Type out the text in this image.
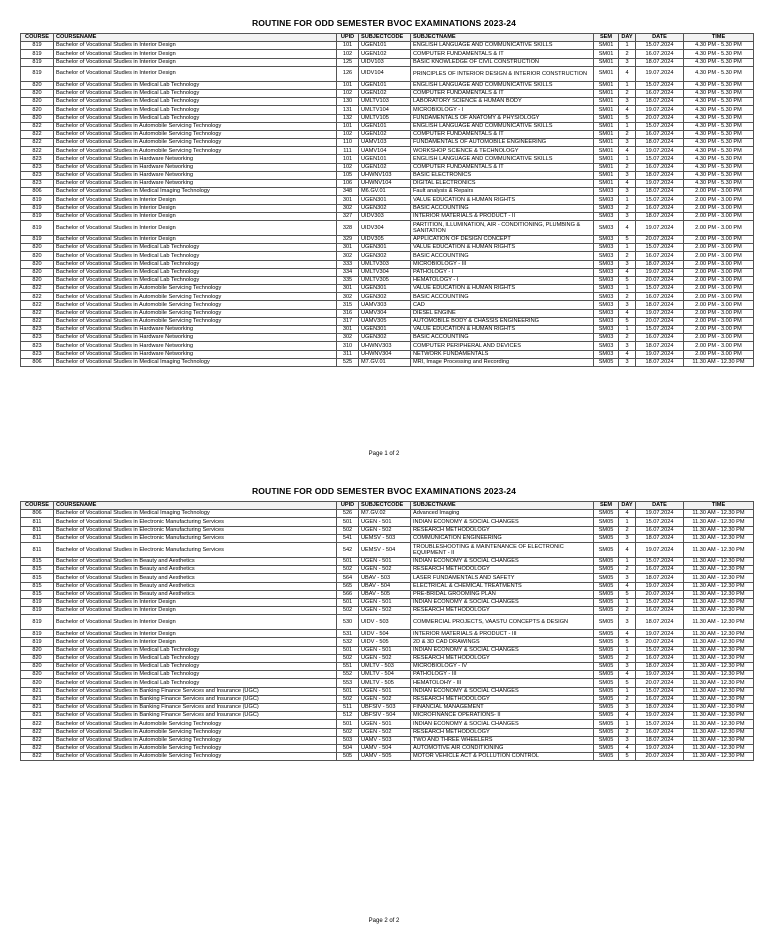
ROUTINE FOR ODD SEMESTER BVOC EXAMINATIONS 2023-24
COURSE	COURSENAME	UPID	SUBJECTCODE	SUBJECTNAME	SEM	DAY	DATE	TIME
819	Bachelor of Vocational Studies in Interior Design	101	UGEN101	ENGLISH LANGUAGE AND COMMUNICATIVE SKILLS	SM01	1	15.07.2024	4.30 PM - 5.30 PM
819	Bachelor of Vocational Studies in Interior Design	102	UGEN102	COMPUTER FUNDAMENTALS & IT	SM01	2	16.07.2024	4.30 PM - 5.30 PM
819	Bachelor of Vocational Studies in Interior Design	125	UIDV103	BASIC KNOWLEDGE OF CIVIL CONSTRUCTION	SM01	3	18.07.2024	4.30 PM - 5.30 PM
819	Bachelor of Vocational Studies in Interior Design	126	UIDV104	PRINCIPLES OF INTERIOR DESIGN & INTERIOR CONSTRUCTION	SM01	4	19.07.2024	4.30 PM - 5.30 PM
820	Bachelor of Vocational Studies in Medical Lab Technology	101	UGEN101	ENGLISH LANGUAGE AND COMMUNICATIVE SKILLS	SM01	1	15.07.2024	4.30 PM - 5.30 PM
820	Bachelor of Vocational Studies in Medical Lab Technology	102	UGEN102	COMPUTER FUNDAMENTALS & IT	SM01	2	16.07.2024	4.30 PM - 5.30 PM
820	Bachelor of Vocational Studies in Medical Lab Technology	130	UMLTV103	LABORATORY SCIENCE & HUMAN BODY	SM01	3	18.07.2024	4.30 PM - 5.30 PM
820	Bachelor of Vocational Studies in Medical Lab Technology	131	UMLTV104	MICROBIOLOGY - I	SM01	4	19.07.2024	4.30 PM - 5.30 PM
820	Bachelor of Vocational Studies in Medical Lab Technology	132	UMLTV105	FUNDAMENTALS OF ANATOMY & PHYSIOLOGY	SM01	5	20.07.2024	4.30 PM - 5.30 PM
822	Bachelor of Vocational Studies in Automobile Servicing Technology	101	UGEN101	ENGLISH LANGUAGE AND COMMUNICATIVE SKILLS	SM01	1	15.07.2024	4.30 PM - 5.30 PM
822	Bachelor of Vocational Studies in Automobile Servicing Technology	102	UGEN102	COMPUTER FUNDAMENTALS & IT	SM01	2	16.07.2024	4.30 PM - 5.30 PM
822	Bachelor of Vocational Studies in Automobile Servicing Technology	110	UAMV103	FUNDAMENTALS OF AUTOMOBILE ENGINEERING	SM01	3	18.07.2024	4.30 PM - 5.30 PM
822	Bachelor of Vocational Studies in Automobile Servicing Technology	111	UAMV104	WORKSHOP SCIENCE & TECHNOLOGY	SM01	4	19.07.2024	4.30 PM - 5.30 PM
823	Bachelor of Vocational Studies in Hardware Networking	101	UGEN101	ENGLISH LANGUAGE AND COMMUNICATIVE SKILLS	SM01	1	15.07.2024	4.30 PM - 5.30 PM
823	Bachelor of Vocational Studies in Hardware Networking	102	UGEN102	COMPUTER FUNDAMENTALS & IT	SM01	2	16.07.2024	4.30 PM - 5.30 PM
823	Bachelor of Vocational Studies in Hardware Networking	105	UHWNV103	BASIC ELECTRONICS	SM01	3	18.07.2024	4.30 PM - 5.30 PM
823	Bachelor of Vocational Studies in Hardware Networking	106	UHWNV104	DIGITAL ELECTRONICS	SM01	4	19.07.2024	4.30 PM - 5.30 PM
806	Bachelor of Vocational Studies in Medical Imaging Technology	348	M6.GV.01	Fault analysis & Repairs	SM03	3	18.07.2024	2.00 PM - 3.00 PM
819	Bachelor of Vocational Studies in Interior Design	301	UGEN301	VALUE EDUCATION & HUMAN RIGHTS	SM03	1	15.07.2024	2.00 PM - 3.00 PM
819	Bachelor of Vocational Studies in Interior Design	302	UGEN302	BASIC ACCOUNTING	SM03	2	16.07.2024	2.00 PM - 3.00 PM
819	Bachelor of Vocational Studies in Interior Design	327	UIDV303	INTERIOR MATERIALS & PRODUCT - II	SM03	3	18.07.2024	2.00 PM - 3.00 PM
819	Bachelor of Vocational Studies in Interior Design	328	UIDV304	PARTITION, ILLUMINATION, AIR - CONDITIONING, PLUMBING & SANITATION	SM03	4	19.07.2024	2.00 PM - 3.00 PM
819	Bachelor of Vocational Studies in Interior Design	329	UIDV305	APPLICATION OF DESIGN CONCEPT	SM03	5	20.07.2024	2.00 PM - 3.00 PM
820	Bachelor of Vocational Studies in Medical Lab Technology	301	UGEN301	VALUE EDUCATION & HUMAN RIGHTS	SM03	1	15.07.2024	2.00 PM - 3.00 PM
820	Bachelor of Vocational Studies in Medical Lab Technology	302	UGEN302	BASIC ACCOUNTING	SM03	2	16.07.2024	2.00 PM - 3.00 PM
820	Bachelor of Vocational Studies in Medical Lab Technology	333	UMLTV303	MICROBIOLOGY - III	SM03	3	18.07.2024	2.00 PM - 3.00 PM
820	Bachelor of Vocational Studies in Medical Lab Technology	334	UMLTV304	PATHOLOGY - I	SM03	4	19.07.2024	2.00 PM - 3.00 PM
820	Bachelor of Vocational Studies in Medical Lab Technology	335	UMLTV305	HEMATOLOGY - I	SM03	5	20.07.2024	2.00 PM - 3.00 PM
822	Bachelor of Vocational Studies in Automobile Servicing Technology	301	UGEN301	VALUE EDUCATION & HUMAN RIGHTS	SM03	1	15.07.2024	2.00 PM - 3.00 PM
822	Bachelor of Vocational Studies in Automobile Servicing Technology	302	UGEN302	BASIC ACCOUNTING	SM03	2	16.07.2024	2.00 PM - 3.00 PM
822	Bachelor of Vocational Studies in Automobile Servicing Technology	315	UAMV303	CAD	SM03	3	18.07.2024	2.00 PM - 3.00 PM
822	Bachelor of Vocational Studies in Automobile Servicing Technology	316	UAMV304	DIESEL ENGINE	SM03	4	19.07.2024	2.00 PM - 3.00 PM
822	Bachelor of Vocational Studies in Automobile Servicing Technology	317	UAMV305	AUTOMOBILE BODY & CHASSIS ENGINEERING	SM03	5	20.07.2024	2.00 PM - 3.00 PM
823	Bachelor of Vocational Studies in Hardware Networking	301	UGEN301	VALUE EDUCATION & HUMAN RIGHTS	SM03	1	15.07.2024	2.00 PM - 3.00 PM
823	Bachelor of Vocational Studies in Hardware Networking	302	UGEN302	BASIC ACCOUNTING	SM03	2	16.07.2024	2.00 PM - 3.00 PM
823	Bachelor of Vocational Studies in Hardware Networking	310	UHWNV303	COMPUTER PERIPHERAL AND DEVICES	SM03	3	18.07.2024	2.00 PM - 3.00 PM
823	Bachelor of Vocational Studies in Hardware Networking	311	UHWNV304	NETWORK FUNDAMENTALS	SM03	4	19.07.2024	2.00 PM - 3.00 PM
806	Bachelor of Vocational Studies in Medical Imaging Technology	525	M7.GV.01	MRI, Image Processing and Recording	SM05	3	18.07.2024	11.30 AM - 12.30 PM
Page 1 of 2
ROUTINE FOR ODD SEMESTER BVOC EXAMINATIONS 2023-24
COURSE	COURSENAME	UPID	SUBJECTCODE	SUBJECTNAME	SEM	DAY	DATE	TIME
806	Bachelor of Vocational Studies in Medical Imaging Technology	526	M7.GV.02	Advanced Imaging	SM05	4	19.07.2024	11.30 AM - 12.30 PM
811	Bachelor of Vocational Studies in Electronic Manufacturing Services	501	UGEN - 501	INDIAN ECONOMY & SOCIAL CHANGES	SM05	1	15.07.2024	11.30 AM - 12.30 PM
811	Bachelor of Vocational Studies in Electronic Manufacturing Services	502	UGEN - 502	RESEARCH METHODOLOGY	SM05	2	16.07.2024	11.30 AM - 12.30 PM
811	Bachelor of Vocational Studies in Electronic Manufacturing Services	541	UEMSV - 503	COMMUNICATION ENGINEERING	SM05	3	18.07.2024	11.30 AM - 12.30 PM
811	Bachelor of Vocational Studies in Electronic Manufacturing Services	542	UEMSV - 504	TROUBLESHOOTING & MAINTENANCE OF ELECTRONIC EQUIPMENT - II	SM05	4	19.07.2024	11.30 AM - 12.30 PM
815	Bachelor of Vocational Studies in Beauty and Aesthetics	501	UGEN - 501	INDIAN ECONOMY & SOCIAL CHANGES	SM05	1	15.07.2024	11.30 AM - 12.30 PM
815	Bachelor of Vocational Studies in Beauty and Aesthetics	502	UGEN - 502	RESEARCH METHODOLOGY	SM05	2	16.07.2024	11.30 AM - 12.30 PM
815	Bachelor of Vocational Studies in Beauty and Aesthetics	564	UBAV - 503	LASER FUNDAMENTALS AND SAFETY	SM05	3	18.07.2024	11.30 AM - 12.30 PM
815	Bachelor of Vocational Studies in Beauty and Aesthetics	565	UBAV - 504	ELECTRICAL & CHEMICAL TREATMENTS	SM05	4	19.07.2024	11.30 AM - 12.30 PM
815	Bachelor of Vocational Studies in Beauty and Aesthetics	566	UBAV - 505	PRE-BRIDAL GROOMING PLAN	SM05	5	20.07.2024	11.30 AM - 12.30 PM
819	Bachelor of Vocational Studies in Interior Design	501	UGEN - 501	INDIAN ECONOMY & SOCIAL CHANGES	SM05	1	15.07.2024	11.30 AM - 12.30 PM
819	Bachelor of Vocational Studies in Interior Design	502	UGEN - 502	RESEARCH METHODOLOGY	SM05	2	16.07.2024	11.30 AM - 12.30 PM
819	Bachelor of Vocational Studies in Interior Design	530	UIDV - 503	COMMERCIAL PROJECTS, VAASTU CONCEPTS & DESIGN	SM05	3	18.07.2024	11.30 AM - 12.30 PM
819	Bachelor of Vocational Studies in Interior Design	531	UIDV - 504	INTERIOR MATERIALS & PRODUCT - III	SM05	4	19.07.2024	11.30 AM - 12.30 PM
819	Bachelor of Vocational Studies in Interior Design	532	UIDV - 505	2D & 3D CAD DRAWINGS	SM05	5	20.07.2024	11.30 AM - 12.30 PM
820	Bachelor of Vocational Studies in Medical Lab Technology	501	UGEN - 501	INDIAN ECONOMY & SOCIAL CHANGES	SM05	1	15.07.2024	11.30 AM - 12.30 PM
820	Bachelor of Vocational Studies in Medical Lab Technology	502	UGEN - 502	RESEARCH METHODOLOGY	SM05	2	16.07.2024	11.30 AM - 12.30 PM
820	Bachelor of Vocational Studies in Medical Lab Technology	551	UMLTV - 503	MICROBIOLOGY - IV	SM05	3	18.07.2024	11.30 AM - 12.30 PM
820	Bachelor of Vocational Studies in Medical Lab Technology	552	UMLTV - 504	PATHOLOGY - III	SM05	4	19.07.2024	11.30 AM - 12.30 PM
820	Bachelor of Vocational Studies in Medical Lab Technology	553	UMLTV - 505	HEMATOLOHY - III	SM05	5	20.07.2024	11.30 AM - 12.30 PM
821	Bachelor of Vocational Studies in Banking Finance Services and Insurance (UGC)	501	UGEN - 501	INDIAN ECONOMY & SOCIAL CHANGES	SM05	1	15.07.2024	11.30 AM - 12.30 PM
821	Bachelor of Vocational Studies in Banking Finance Services and Insurance (UGC)	502	UGEN - 502	RESEARCH METHODOLOGY	SM05	2	16.07.2024	11.30 AM - 12.30 PM
821	Bachelor of Vocational Studies in Banking Finance Services and Insurance (UGC)	511	UBFSIV - 503	FINANCIAL MANAGEMENT	SM05	3	18.07.2024	11.30 AM - 12.30 PM
821	Bachelor of Vocational Studies in Banking Finance Services and Insurance (UGC)	512	UBFSIV - 504	MICROFINANCE OPERATIONS- II	SM05	4	19.07.2024	11.30 AM - 12.30 PM
822	Bachelor of Vocational Studies in Automobile Servicing Technology	501	UGEN - 501	INDIAN ECONOMY & SOCIAL CHANGES	SM05	1	15.07.2024	11.30 AM - 12.30 PM
822	Bachelor of Vocational Studies in Automobile Servicing Technology	502	UGEN - 502	RESEARCH METHODOLOGY	SM05	2	16.07.2024	11.30 AM - 12.30 PM
822	Bachelor of Vocational Studies in Automobile Servicing Technology	503	UAMV - 503	TWO AND THREE WHEELERS	SM05	3	18.07.2024	11.30 AM - 12.30 PM
822	Bachelor of Vocational Studies in Automobile Servicing Technology	504	UAMV - 504	AUTOMOTIVE AIR CONDITIONING	SM05	4	19.07.2024	11.30 AM - 12.30 PM
822	Bachelor of Vocational Studies in Automobile Servicing Technology	505	UAMV - 505	MOTOR VEHICLE ACT & POLLUTION CONTROL	SM05	5	20.07.2024	11.30 AM - 12.30 PM
Page 2 of 2
